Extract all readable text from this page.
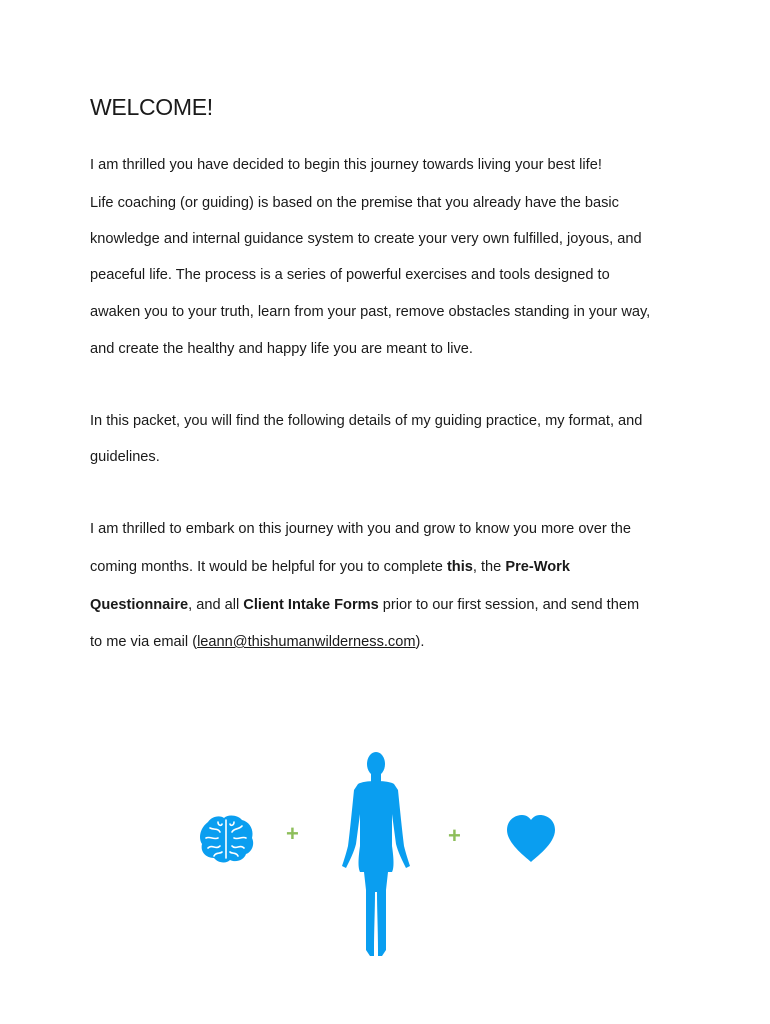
WELCOME!
I am thrilled you have decided to begin this journey towards living your best life!
Life coaching (or guiding) is based on the premise that you already have the basic
knowledge and internal guidance system to create your very own fulfilled, joyous, and
peaceful life. The process is a series of powerful exercises and tools designed to
awaken you to your truth, learn from your past, remove obstacles standing in your way,
and create the healthy and happy life you are meant to live.
In this packet, you will find the following details of my guiding practice, my format, and
guidelines.
I am thrilled to embark on this journey with you and grow to know you more over the
coming months. It would be helpful for you to complete this, the Pre-Work
Questionnaire, and all Client Intake Forms prior to our first session, and send them
to me via email (leann@thishumanwilderness.com).
+	+
